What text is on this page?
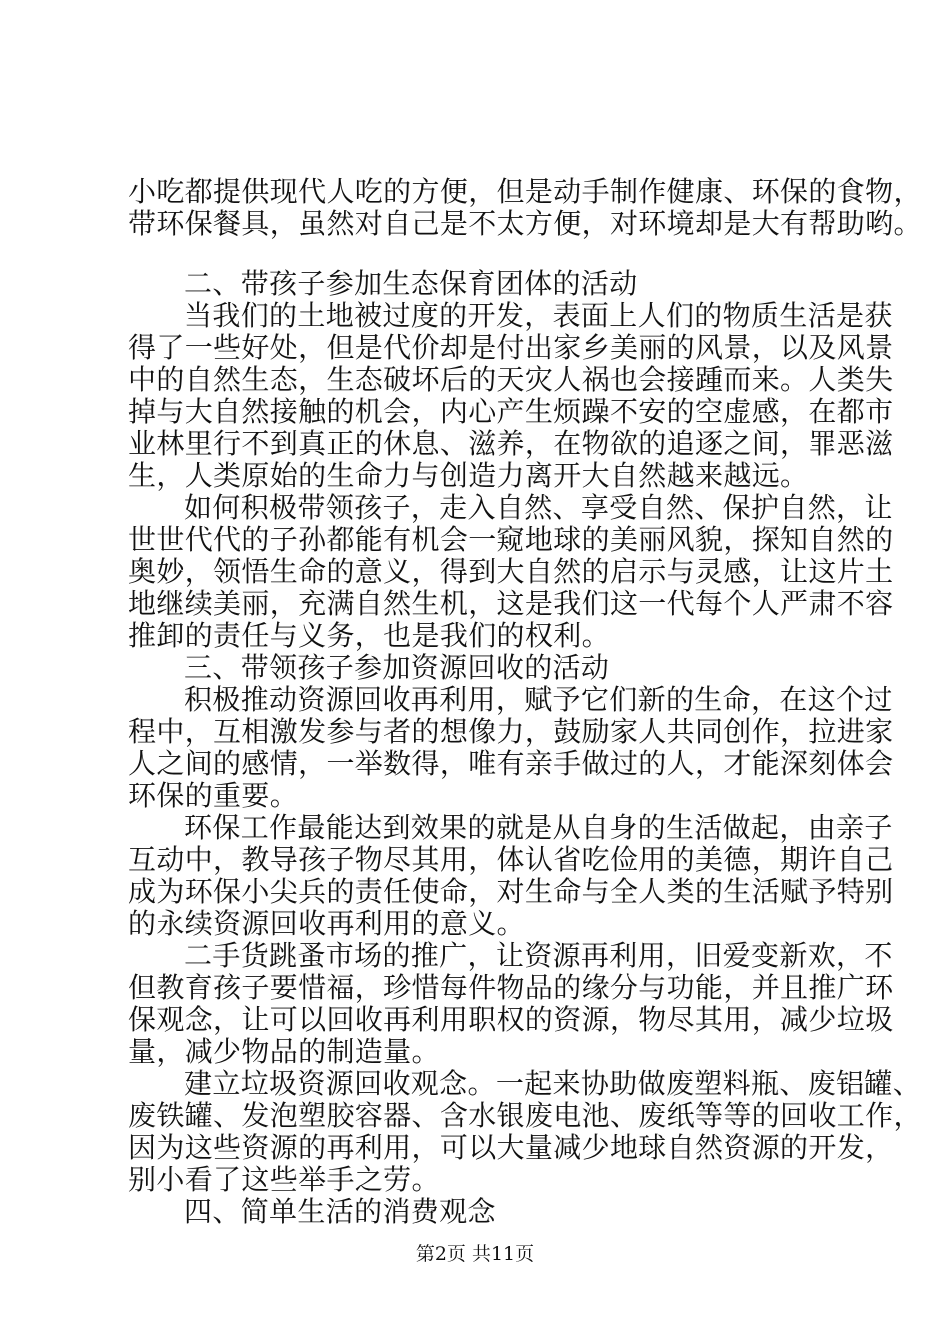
小吃都提供现代人吃的方便，但是动手制作健康、环保的食物，
带环保餐具，虽然对自己是不太方便，对环境却是大有帮助哟。
二、带孩子参加生态保育团体的活动
当我们的土地被过度的开发，表面上人们的物质生活是获
得了一些好处，但是代价却是付出家乡美丽的风景，以及风景
中的自然生态，生态破坏后的天灾人祸也会接踵而来。人类失
掉与大自然接触的机会，内心产生烦躁不安的空虚感，在都市
业林里行不到真正的休息、滋养，在物欲的追逐之间，罪恶滋
生，人类原始的生命力与创造力离开大自然越来越远。
如何积极带领孩子，走入自然、享受自然、保护自然，让
世世代代的子孙都能有机会一窥地球的美丽风貌，探知自然的
奥妙，领悟生命的意义，得到大自然的启示与灵感，让这片土
地继续美丽，充满自然生机，这是我们这一代每个人严肃不容
推卸的责任与义务，也是我们的权利。
三、带领孩子参加资源回收的活动
积极推动资源回收再利用，赋予它们新的生命，在这个过
程中，互相激发参与者的想像力，鼓励家人共同创作，拉进家
人之间的感情，一举数得，唯有亲手做过的人，才能深刻体会
环保的重要。
环保工作最能达到效果的就是从自身的生活做起，由亲子
互动中，教导孩子物尽其用，体认省吃俭用的美德，期许自己
成为环保小尖兵的责任使命，对生命与全人类的生活赋予特别
的永续资源回收再利用的意义。
二手货跳蚤市场的推广，让资源再利用，旧爱变新欢，不
但教育孩子要惜福，珍惜每件物品的缘分与功能，并且推广环
保观念，让可以回收再利用职权的资源，物尽其用，减少垃圾
量，减少物品的制造量。
建立垃圾资源回收观念。一起来协助做废塑料瓶、废铝罐、
废铁罐、发泡塑胶容器、含水银废电池、废纸等等的回收工作，
因为这些资源的再利用，可以大量减少地球自然资源的开发，
别小看了这些举手之劳。
四、简单生活的消费观念
第2页 共11页
